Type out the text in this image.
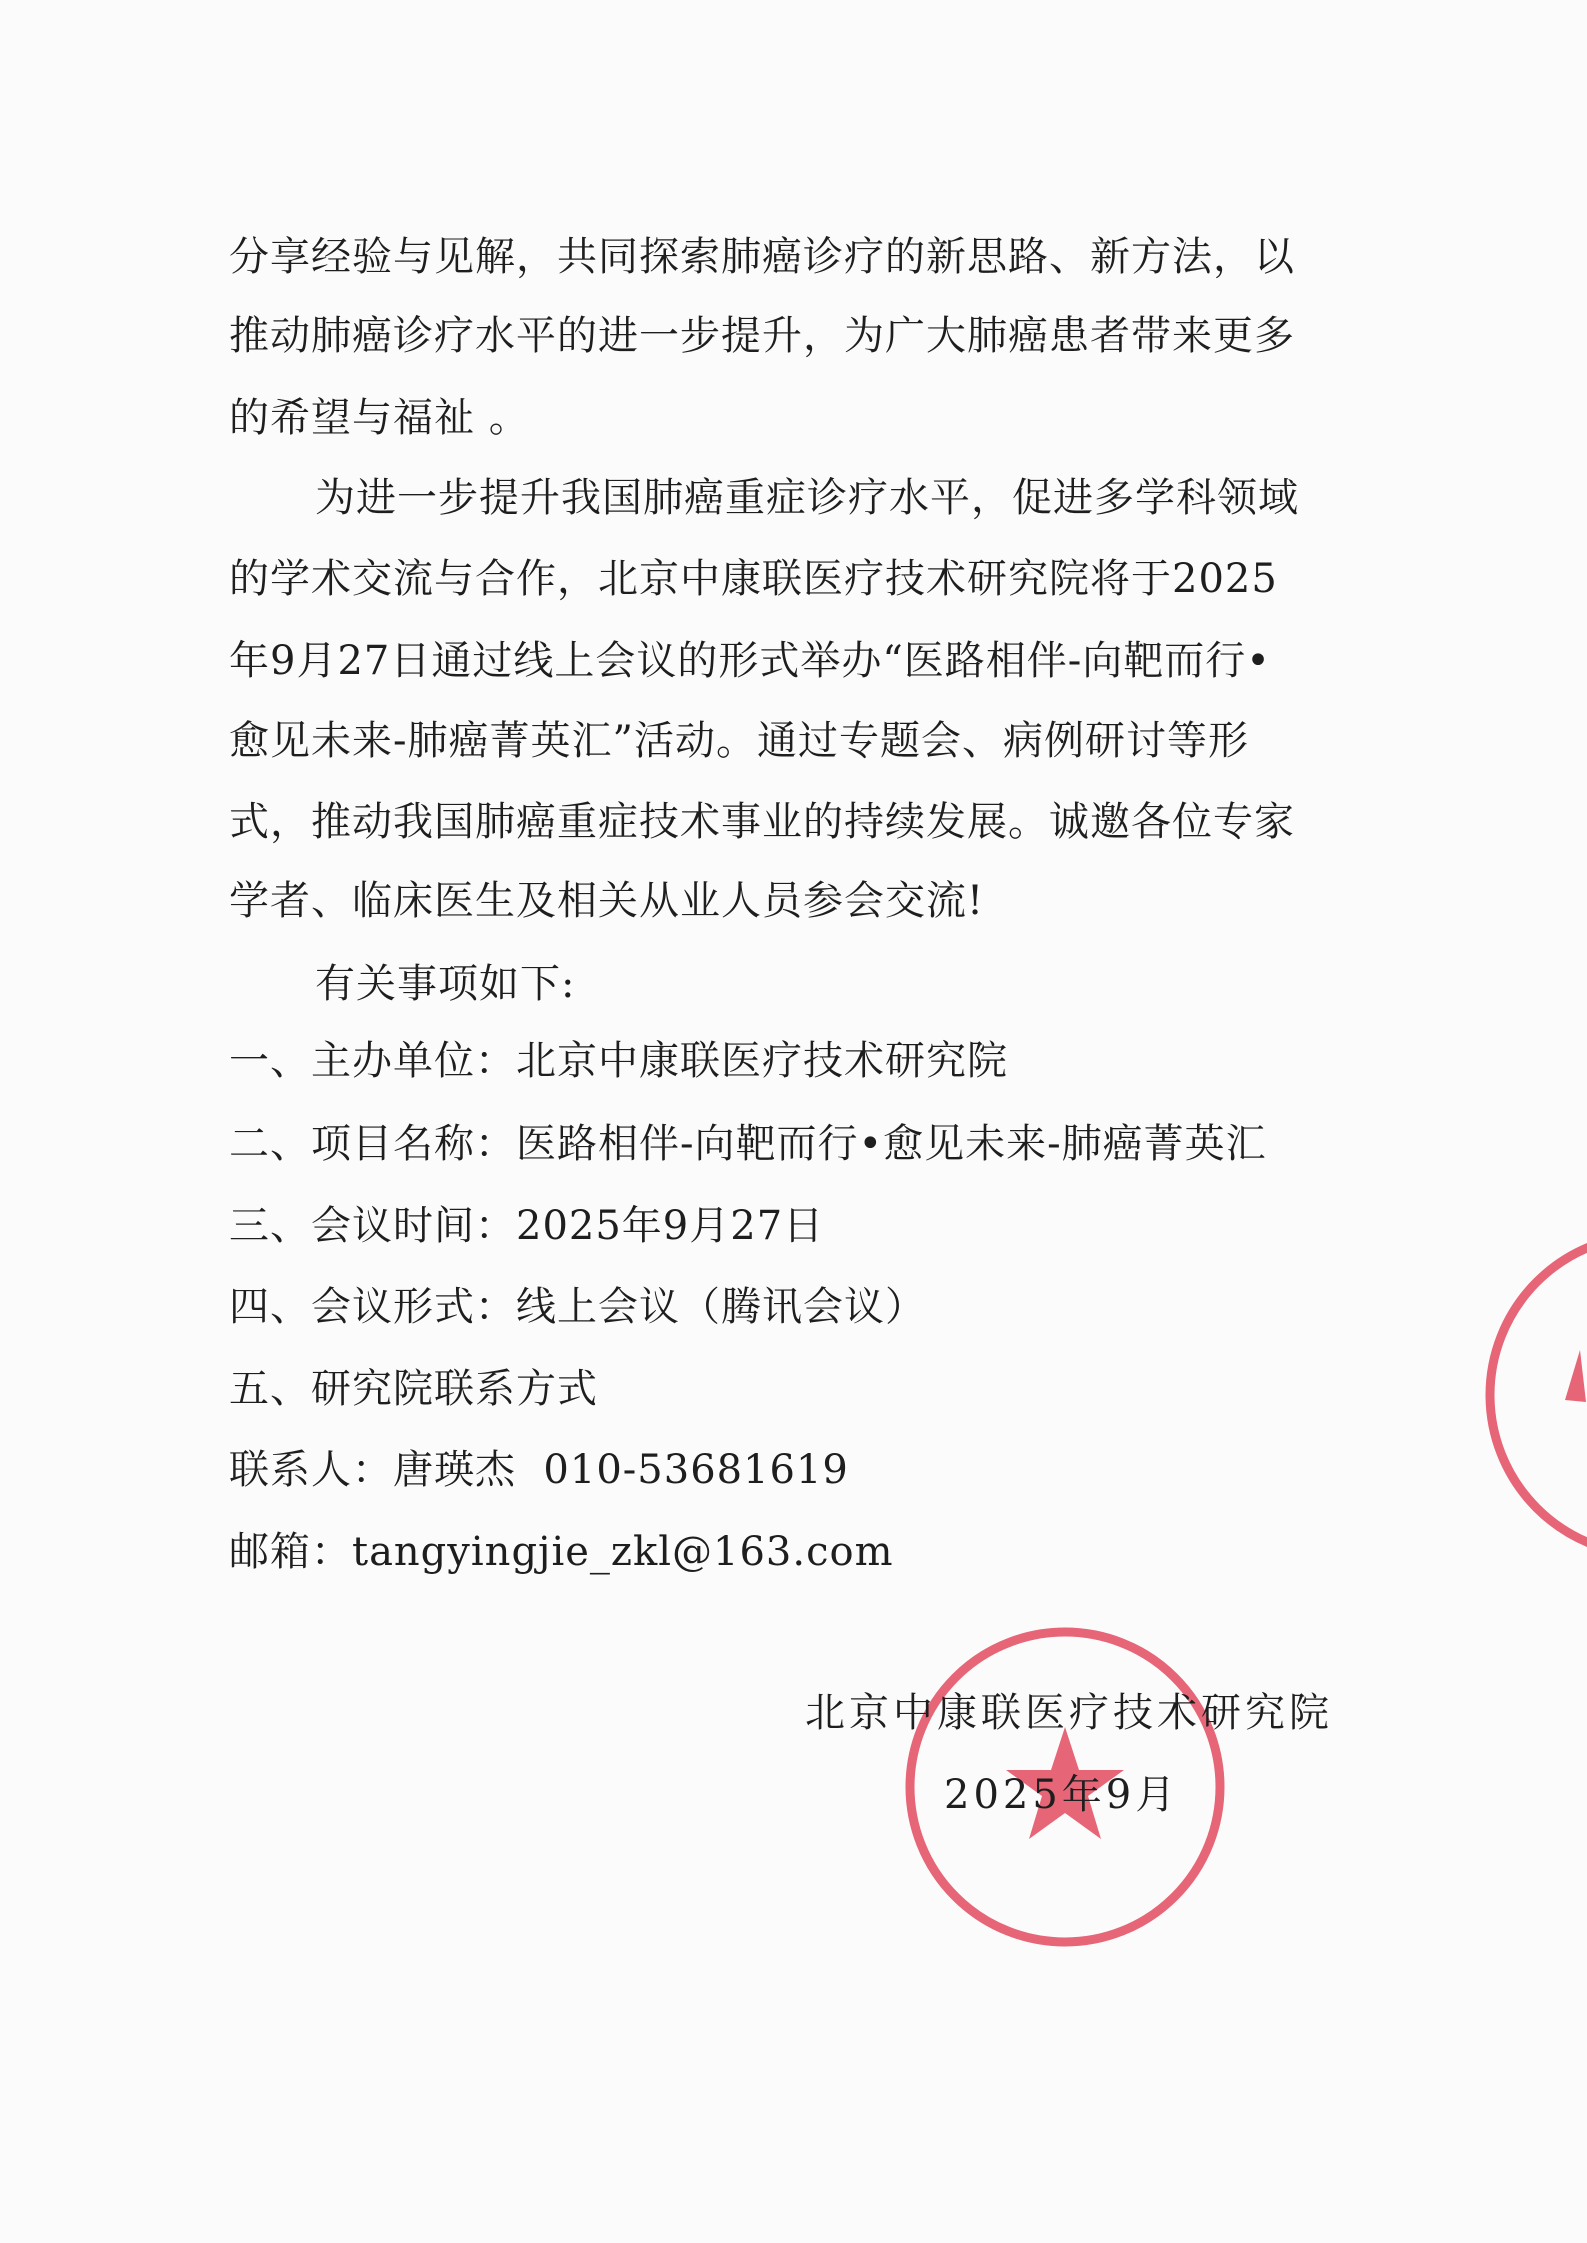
分享经验与见解，共同探索肺癌诊疗的新思路、新方法，以
推动肺癌诊疗水平的进一步提升，为广大肺癌患者带来更多
的希望与福祉 。
为进一步提升我国肺癌重症诊疗水平，促进多学科领域
的学术交流与合作，北京中康联医疗技术研究院将于2025
年9月27日通过线上会议的形式举办“医路相伴-向靶而行•
愈见未来-肺癌菁英汇”活动。通过专题会、病例研讨等形
式，推动我国肺癌重症技术事业的持续发展。诚邀各位专家
学者、临床医生及相关从业人员参会交流!
有关事项如下:
一、主办单位：北京中康联医疗技术研究院
二、项目名称：医路相伴-向靶而行•愈见未来-肺癌菁英汇
三、会议时间：2025年9月27日
四、会议形式：线上会议（腾讯会议）
五、研究院联系方式
联系人：唐瑛杰  010-53681619
邮箱：tangyingjie_zkl@163.com
北京中康联医疗技术研究院
2025年9月
